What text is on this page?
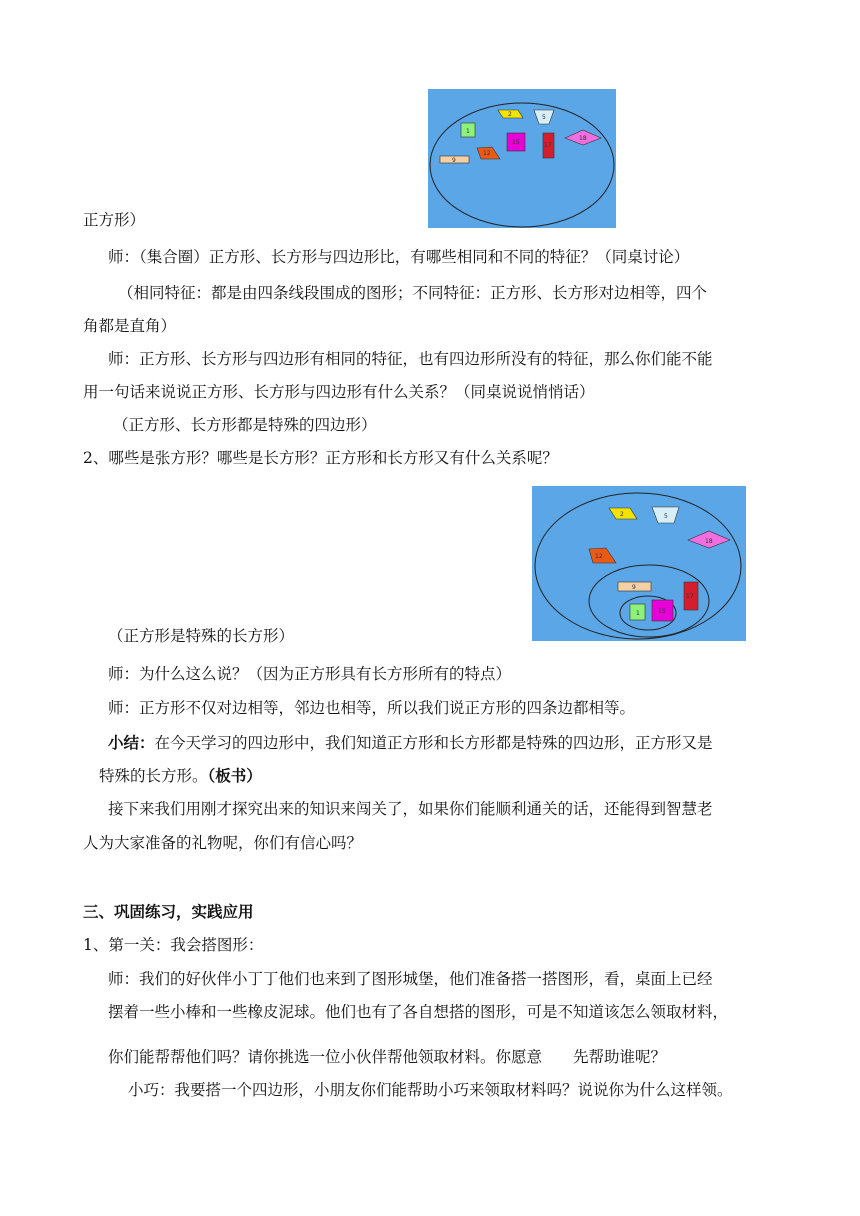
2	5
1
18
15	17
12
9
2	5
18
12
9
17
1	15
正方形）
师：（集合圈）正方形、长方形与四边形比，有哪些相同和不同的特征？（同桌讨论）
（相同特征：都是由四条线段围成的图形；不同特征：正方形、长方形对边相等，四个
角都是直角）
师：正方形、长方形与四边形有相同的特征，也有四边形所没有的特征，那么你们能不能
用一句话来说说正方形、长方形与四边形有什么关系？（同桌说说悄悄话）
（正方形、长方形都是特殊的四边形）
2、哪些是张方形？哪些是长方形？正方形和长方形又有什么关系呢？
（正方形是特殊的长方形）
师：为什么这么说？（因为正方形具有长方形所有的特点）
师：正方形不仅对边相等，邻边也相等，所以我们说正方形的四条边都相等。
小结：在今天学习的四边形中，我们知道正方形和长方形都是特殊的四边形，正方形又是
特殊的长方形。（板书）
接下来我们用刚才探究出来的知识来闯关了，如果你们能顺利通关的话，还能得到智慧老
人为大家准备的礼物呢，你们有信心吗？
三、巩固练习，实践应用
1、第一关：我会搭图形：
师：我们的好伙伴小丁丁他们也来到了图形城堡，他们准备搭一搭图形，看，桌面上已经
摆着一些小棒和一些橡皮泥球。他们也有了各自想搭的图形，可是不知道该怎么领取材料，
你们能帮帮他们吗？请你挑选一位小伙伴帮他领取材料。你愿意　　先帮助谁呢？
小巧：我要搭一个四边形，小朋友你们能帮助小巧来领取材料吗？说说你为什么这样领。
